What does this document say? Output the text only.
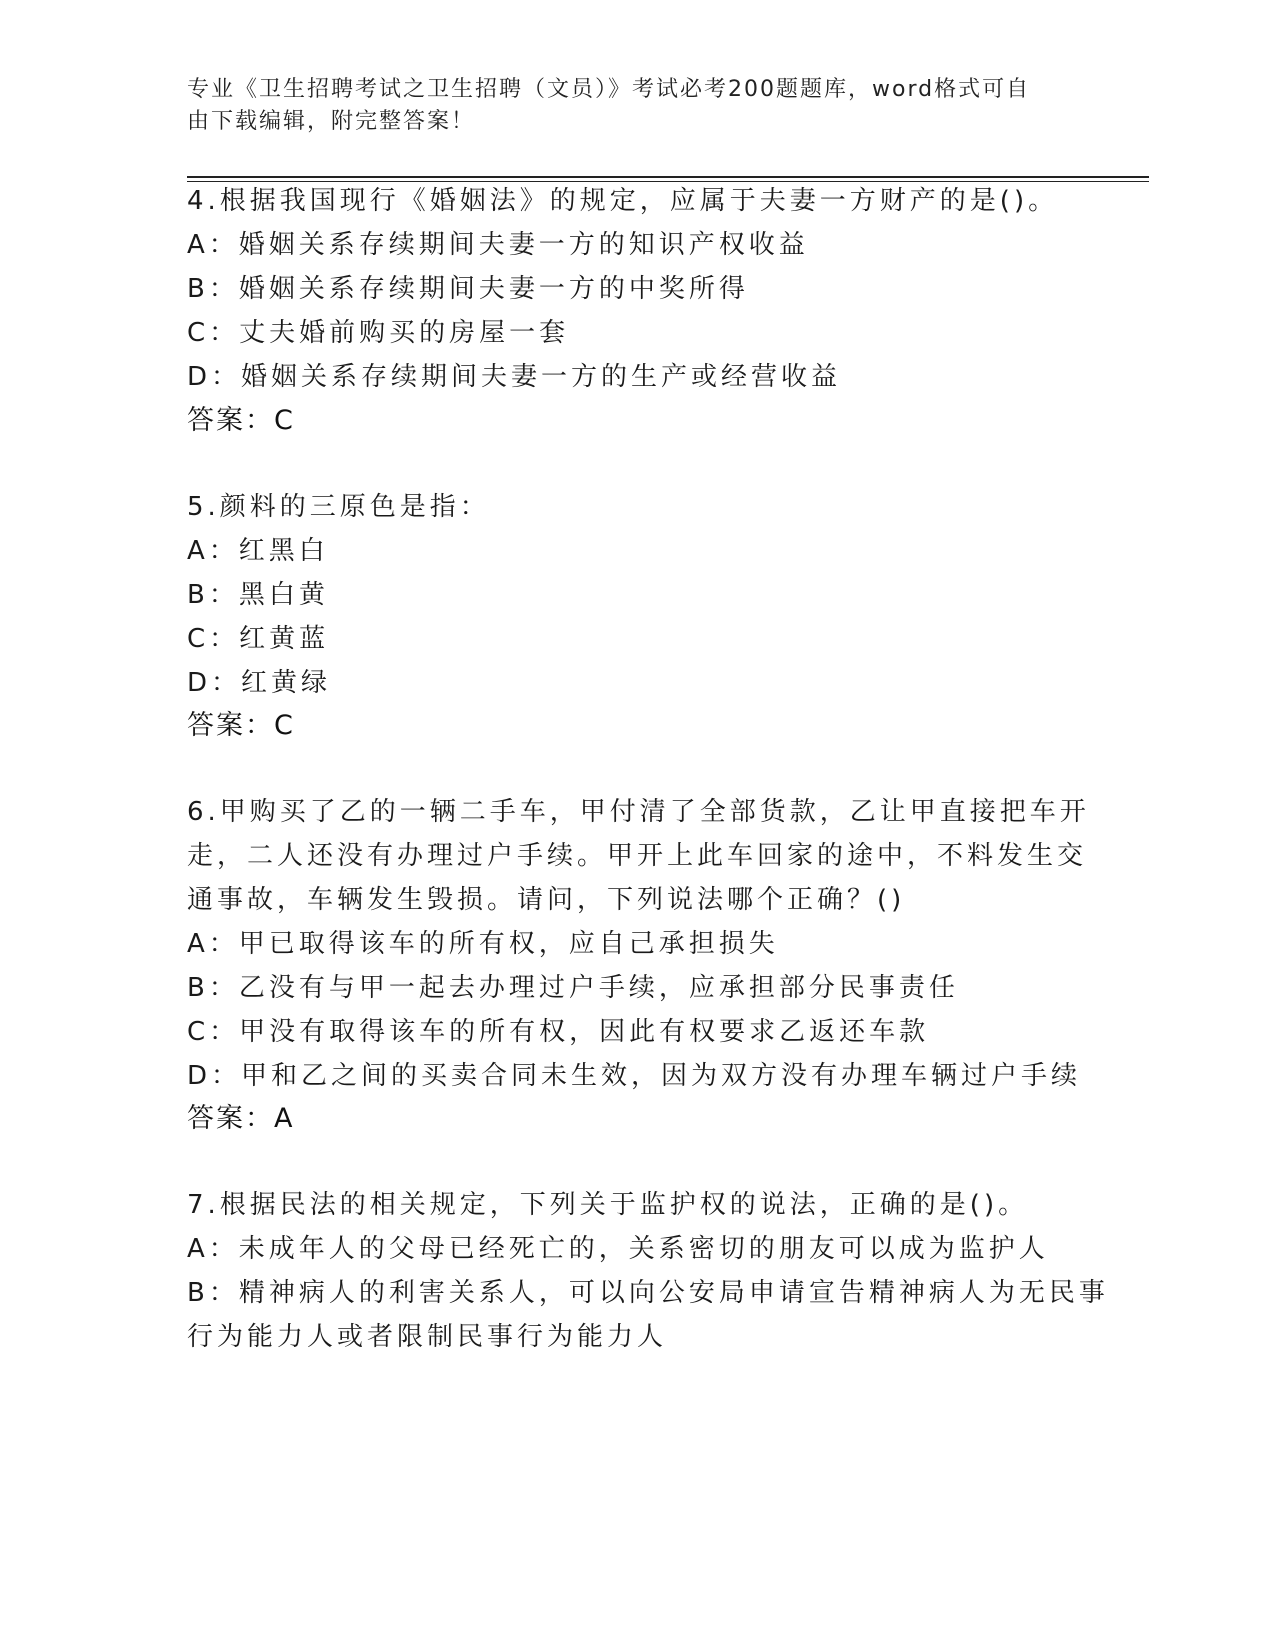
专业《卫生招聘考试之卫生招聘（文员）》考试必考200题题库，word格式可自
由下载编辑，附完整答案！
4.根据我国现行《婚姻法》的规定，应属于夫妻一方财产的是()。
A：婚姻关系存续期间夫妻一方的知识产权收益
B：婚姻关系存续期间夫妻一方的中奖所得
C：丈夫婚前购买的房屋一套
D：婚姻关系存续期间夫妻一方的生产或经营收益
答案：C
5.颜料的三原色是指：
A：红黑白
B：黑白黄
C：红黄蓝
D：红黄绿
答案：C
6.甲购买了乙的一辆二手车，甲付清了全部货款，乙让甲直接把车开
走，二人还没有办理过户手续。甲开上此车回家的途中，不料发生交
通事故，车辆发生毁损。请问，下列说法哪个正确？()
A：甲已取得该车的所有权，应自己承担损失
B：乙没有与甲一起去办理过户手续，应承担部分民事责任
C：甲没有取得该车的所有权，因此有权要求乙返还车款
D：甲和乙之间的买卖合同未生效，因为双方没有办理车辆过户手续
答案：A
7.根据民法的相关规定，下列关于监护权的说法，正确的是()。
A：未成年人的父母已经死亡的，关系密切的朋友可以成为监护人
B：精神病人的利害关系人，可以向公安局申请宣告精神病人为无民事
行为能力人或者限制民事行为能力人
